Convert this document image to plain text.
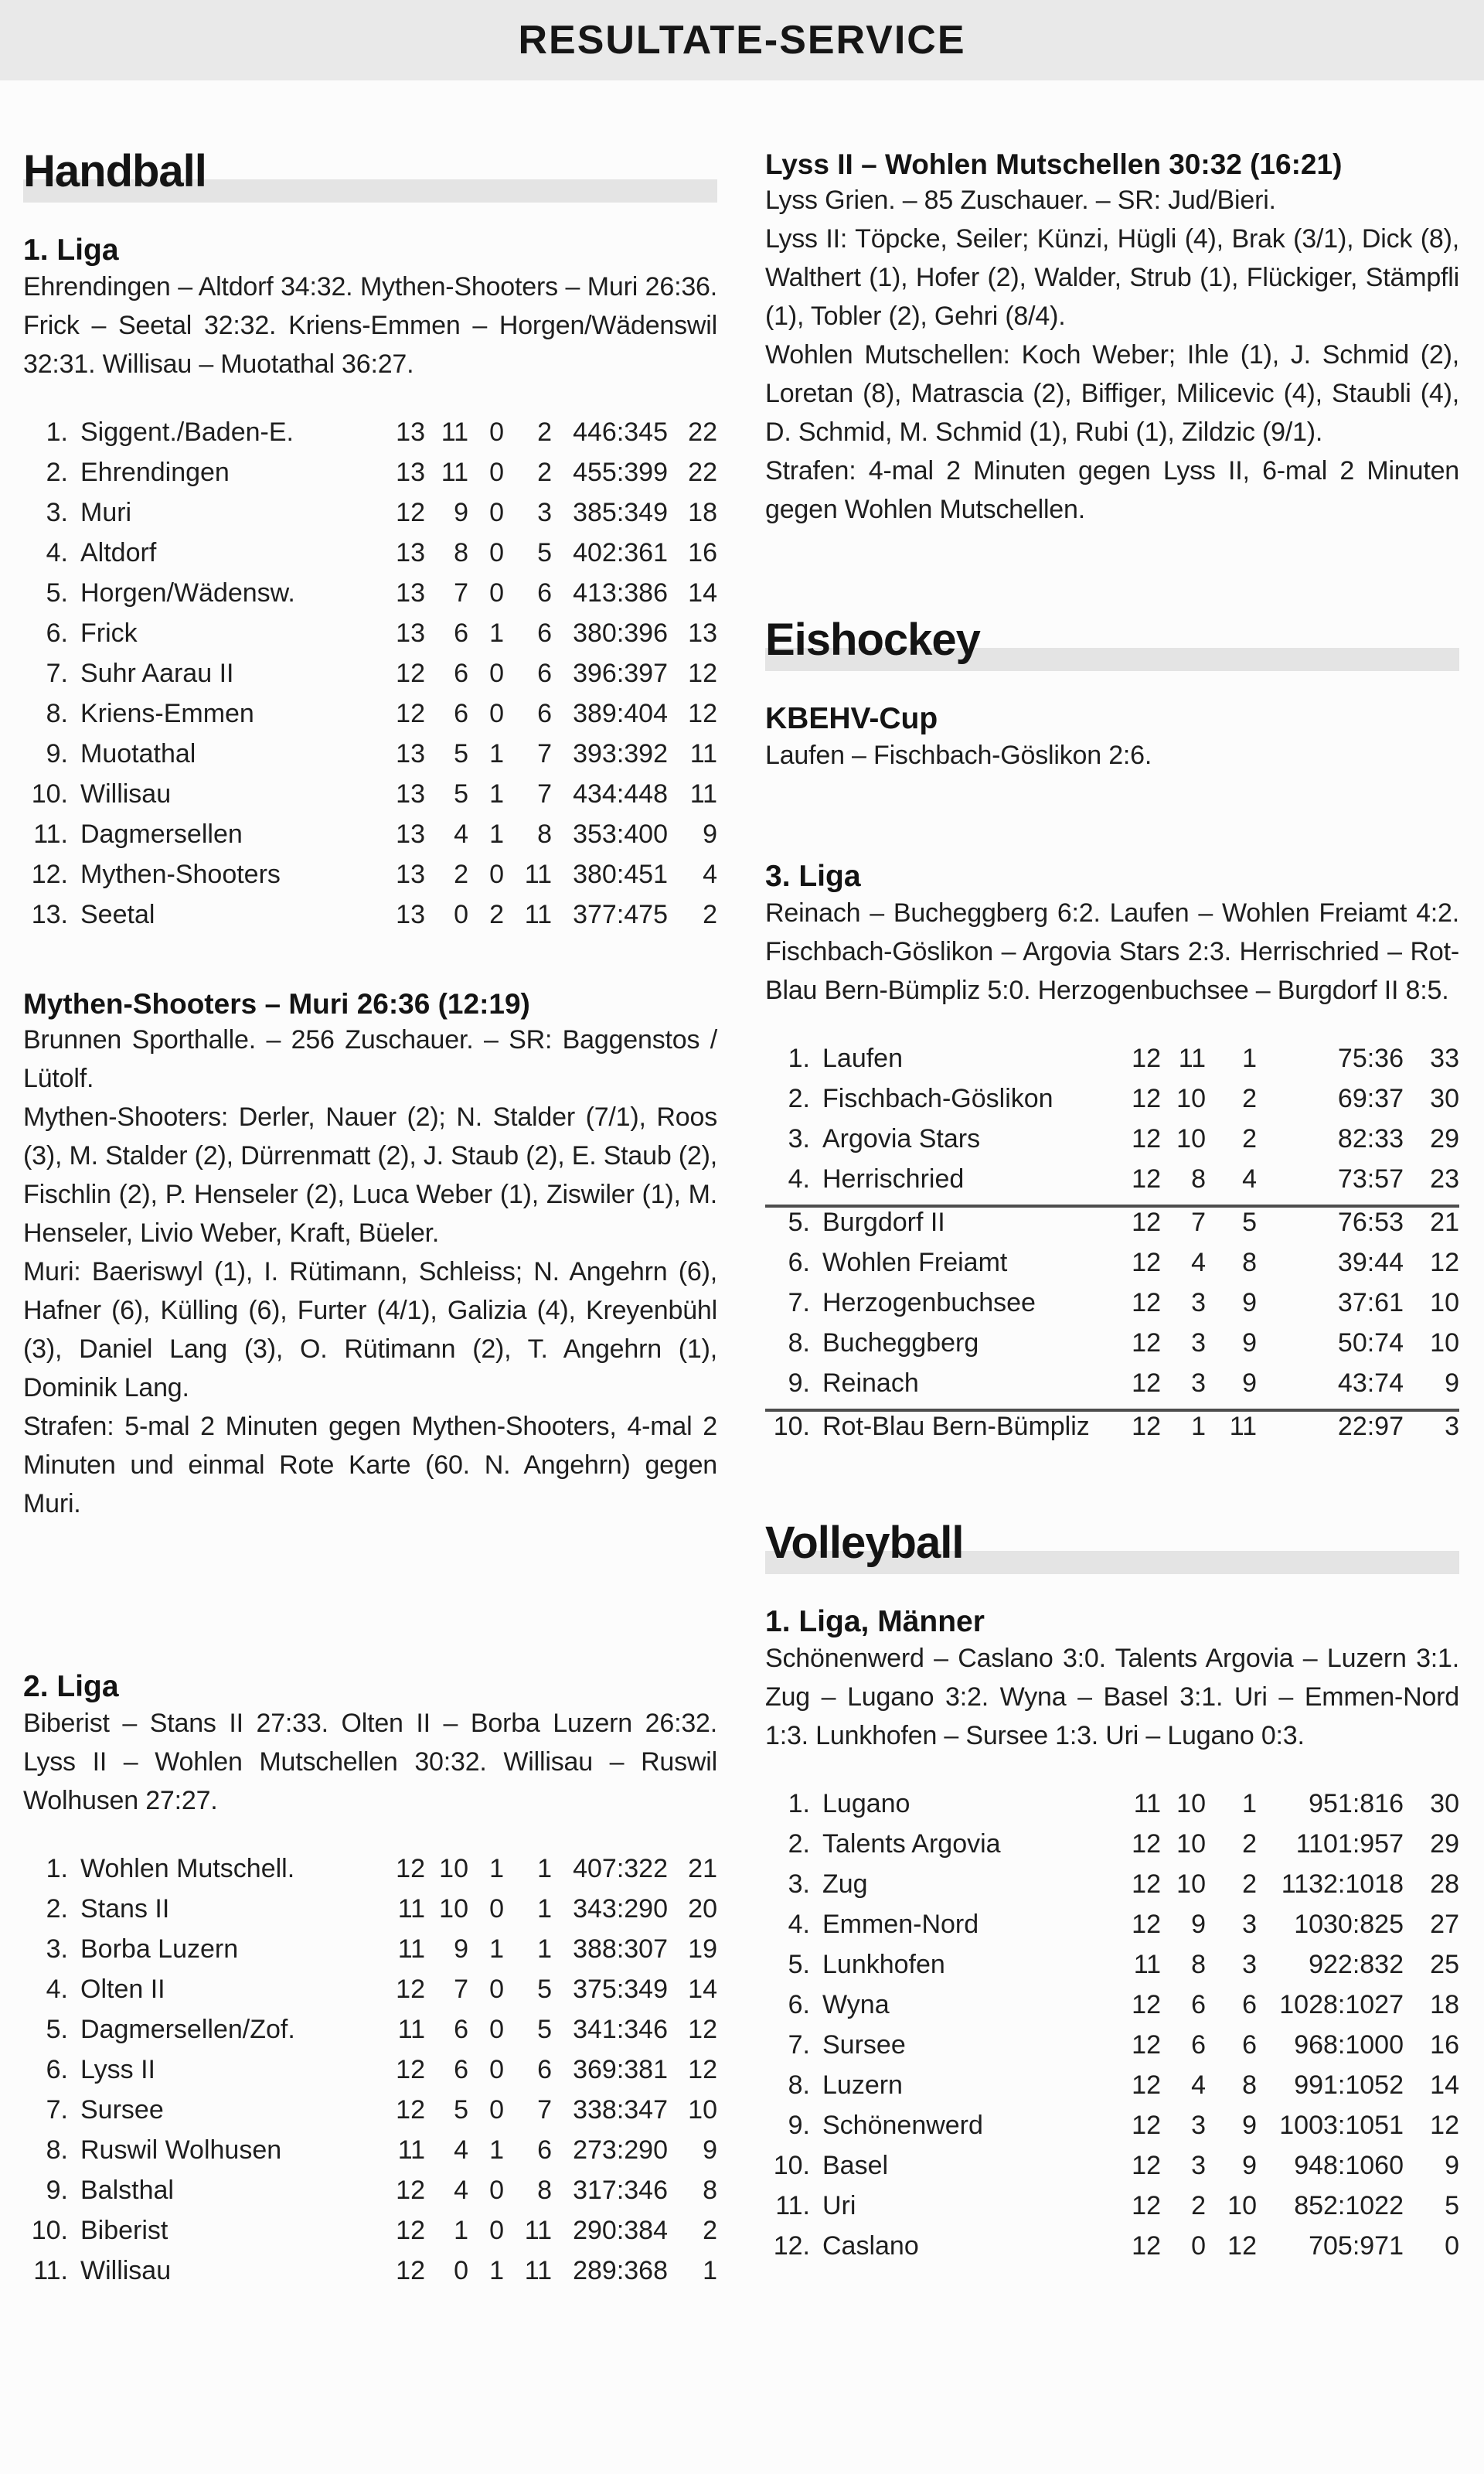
RESULTATE-SERVICE
Handball
1. Liga

Ehrendingen – Altdorf 34:32. Mythen-Shooters – Muri 26:36. Frick – Seetal 32:32. Kriens-Emmen – Horgen/Wädenswil 32:31. Willisau – Muotathal 36:27.

1. Siggent./Baden-E.	13 11 0	2 446:345 22
2. Ehrendingen	13 11 0	2 455:399 22
3. Muri	12	9 0	3 385:349 18
4. Altdorf	13	8 0	5 402:361 16
5. Horgen/Wädensw.	13	7 0	6 413:386 14
6. Frick	13	6 1	6 380:396 13
7. Suhr Aarau II	12	6 0	6 396:397 12
8. Kriens-Emmen	12	6 0	6 389:404 12
9. Muotathal	13	5 1	7 393:392 11
10. Willisau	13	5 1	7 434:448 11
11. Dagmersellen	13	4 1	8 353:400	9
12. Mythen-Shooters	13	2 0 11 380:451	4
13. Seetal	13	0 2 11 377:475	2
Mythen-Shooters – Muri 26:36 (12:19)

Brunnen Sporthalle. – 256 Zuschauer. – SR: Baggenstos / Lütolf.

Mythen-Shooters: Derler, Nauer (2); N. Stalder (7/1), Roos (3), M. Stalder (2), Dürrenmatt (2), J. Staub (2), E. Staub (2), Fischlin (2), P. Henseler (2), Luca Weber (1), Ziswiler (1), M. Henseler, Livio Weber, Kraft, Büeler.

Muri: Baeriswyl (1), I. Rütimann, Schleiss; N. Angehrn (6), Hafner (6), Külling (6), Furter (4/1), Galizia (4), Kreyenbühl (3), Daniel Lang (3), O. Rütimann (2), T. Angehrn (1), Dominik Lang.

Strafen: 5-mal 2 Minuten gegen Mythen-Shooters, 4-mal 2 Minuten und einmal Rote Karte (60. N. Angehrn) gegen Muri.

2. Liga

Biberist – Stans II 27:33. Olten II – Borba Luzern 26:32. Lyss II – Wohlen Mutschellen 30:32. Willisau – Ruswil Wolhusen 27:27.

1. Wohlen Mutschell.	12 10 1	1 407:322 21
2. Stans II	11 10 0	1 343:290 20
3. Borba Luzern	11	9 1	1 388:307 19
4. Olten II	12	7 0	5 375:349 14
5. Dagmersellen/Zof.	11	6 0	5 341:346 12
6. Lyss II	12	6 0	6 369:381 12
7. Sursee	12	5 0	7 338:347 10
8. Ruswil Wolhusen	11	4 1	6 273:290	9
9. Balsthal	12	4 0	8 317:346	8
10. Biberist	12	1 0 11 290:384	2
11. Willisau	12	0 1 11 289:368	1
Lyss II – Wohlen Mutschellen 30:32 (16:21)

Lyss Grien. – 85 Zuschauer. – SR: Jud/Bieri.

Lyss II: Töpcke, Seiler; Künzi, Hügli (4), Brak (3/1), Dick (8), Walthert (1), Hofer (2), Walder, Strub (1), Flückiger, Stämpfli (1), Tobler (2), Gehri (8/4).

Wohlen Mutschellen: Koch Weber; Ihle (1), J. Schmid (2), Loretan (8), Matrascia (2), Biffiger, Milicevic (4), Staubli (4), D. Schmid, M. Schmid (1), Rubi (1), Zildzic (9/1).

Strafen: 4-mal 2 Minuten gegen Lyss II, 6-mal 2 Minuten gegen Wohlen Mutschellen.

Eishockey
KBEHV-Cup

Laufen – Fischbach-Göslikon 2:6.

3. Liga

Reinach – Bucheggberg 6:2. Laufen – Wohlen Freiamt 4:2. Fischbach-Göslikon – Argovia Stars 2:3. Herrischried – Rot-Blau Bern-Bümpliz 5:0. Herzogenbuchsee – Burgdorf II 8:5.

1. Laufen	12 11	1	75:36	33
2. Fischbach-Göslikon	12 10	2	69:37	30
3. Argovia Stars	12 10	2	82:33	29
4. Herrischried	12	8	4	73:57	23
5. Burgdorf II	12	7	5	76:53	21
6. Wohlen Freiamt	12	4	8	39:44	12
7. Herzogenbuchsee	12	3	9	37:61	10
8. Bucheggberg	12	3	9	50:74	10
9. Reinach	12	3	9	43:74	9
10. Rot-Blau Bern-Bümpliz	12	1 11	22:97	3
Volleyball
1. Liga, Männer

Schönenwerd – Caslano 3:0. Talents Argovia – Luzern 3:1. Zug – Lugano 3:2. Wyna – Basel 3:1. Uri – Emmen-Nord 1:3. Lunkhofen – Sursee 1:3. Uri – Lugano 0:3.

1. Lugano	11 10	1	951:816	30
2. Talents Argovia	12 10	2	1101:957	29
3. Zug	12 10	2 1132:1018	28
4. Emmen-Nord	12	9	3	1030:825	27
5. Lunkhofen	11	8	3	922:832	25
6. Wyna	12	6	6 1028:1027	18
7. Sursee	12	6	6	968:1000	16
8. Luzern	12	4	8	991:1052	14
9. Schönenwerd	12	3	9 1003:1051	12
10. Basel	12	3	9	948:1060	9
11. Uri	12	2 10	852:1022	5
12. Caslano	12	0 12	705:971	0
